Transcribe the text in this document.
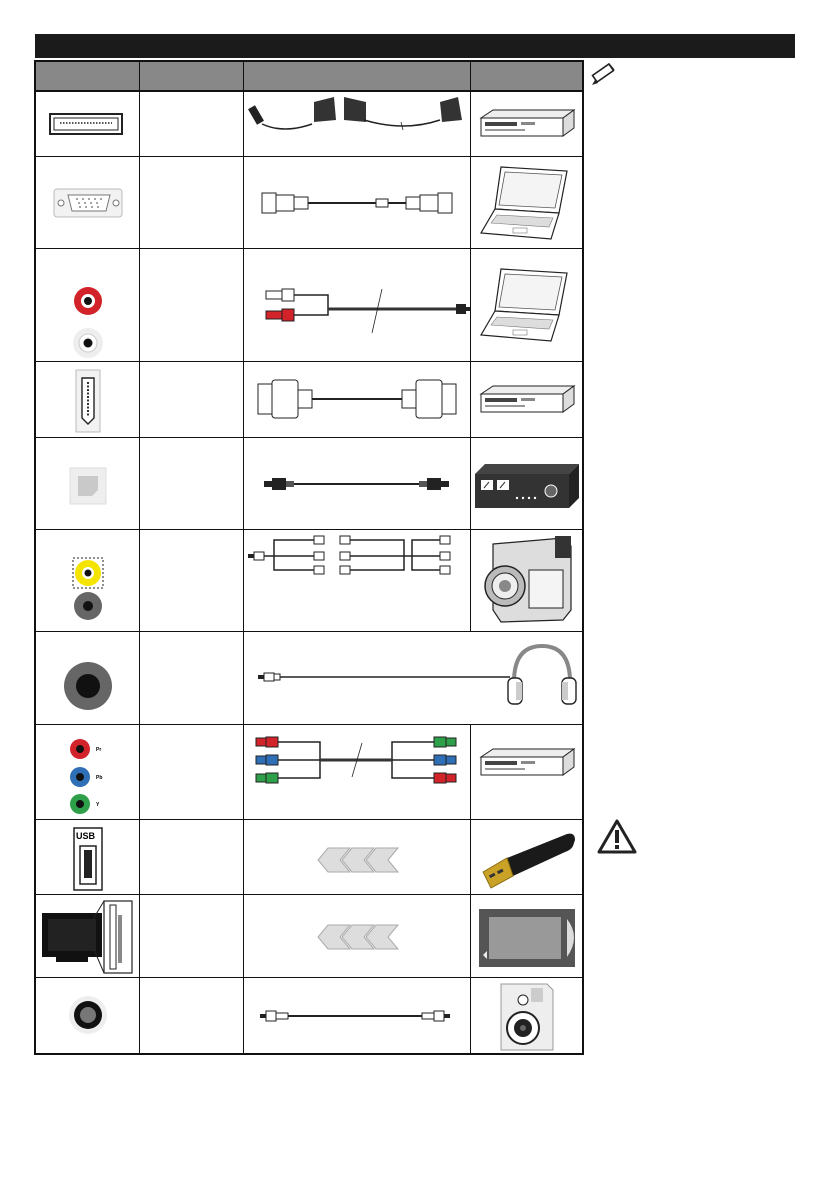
Pr
Pb
Y
USB
